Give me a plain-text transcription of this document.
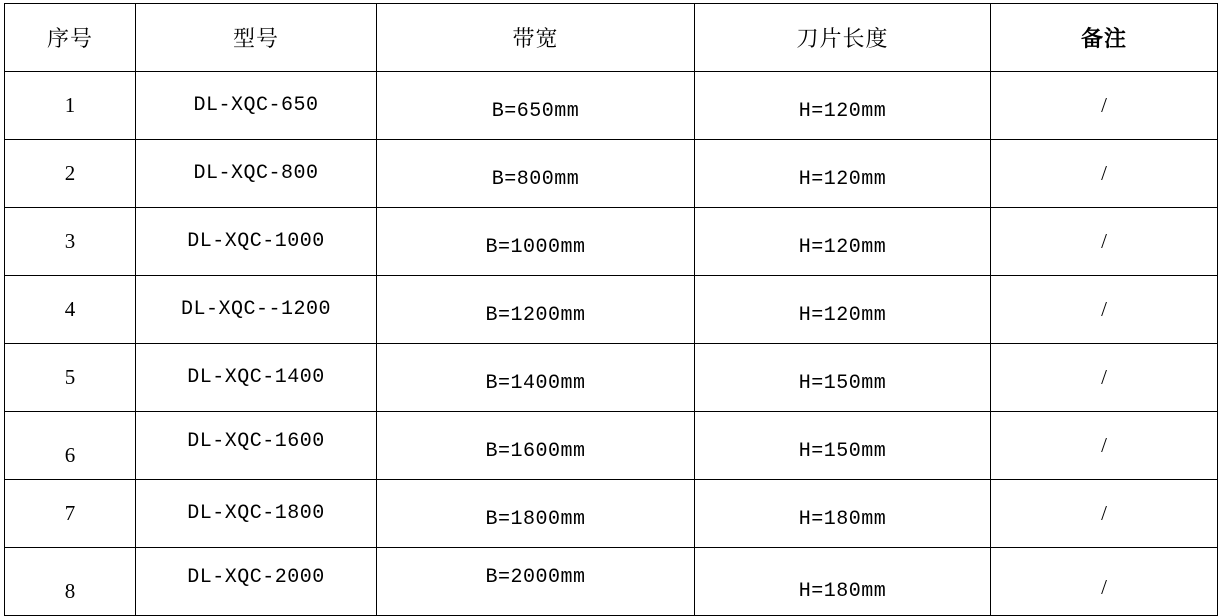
序号	型号	带宽	刀片长度	备注

1	DL-XQC-650	B=650mm	H=120mm	/

2	DL-XQC-800	B=800mm	H=120mm	/

3	DL-XQC-1000	B=1000mm	H=120mm	/

4	DL-XQC--1200	B=1200mm	H=120mm	/

5	DL-XQC-1400	B=1400mm	H=150mm	/

6	DL-XQC-1600	B=1600mm	H=150mm	/

7	DL-XQC-1800	B=1800mm	H=180mm	/

8	DL-XQC-2000	B=2000mm	H=180mm	/
